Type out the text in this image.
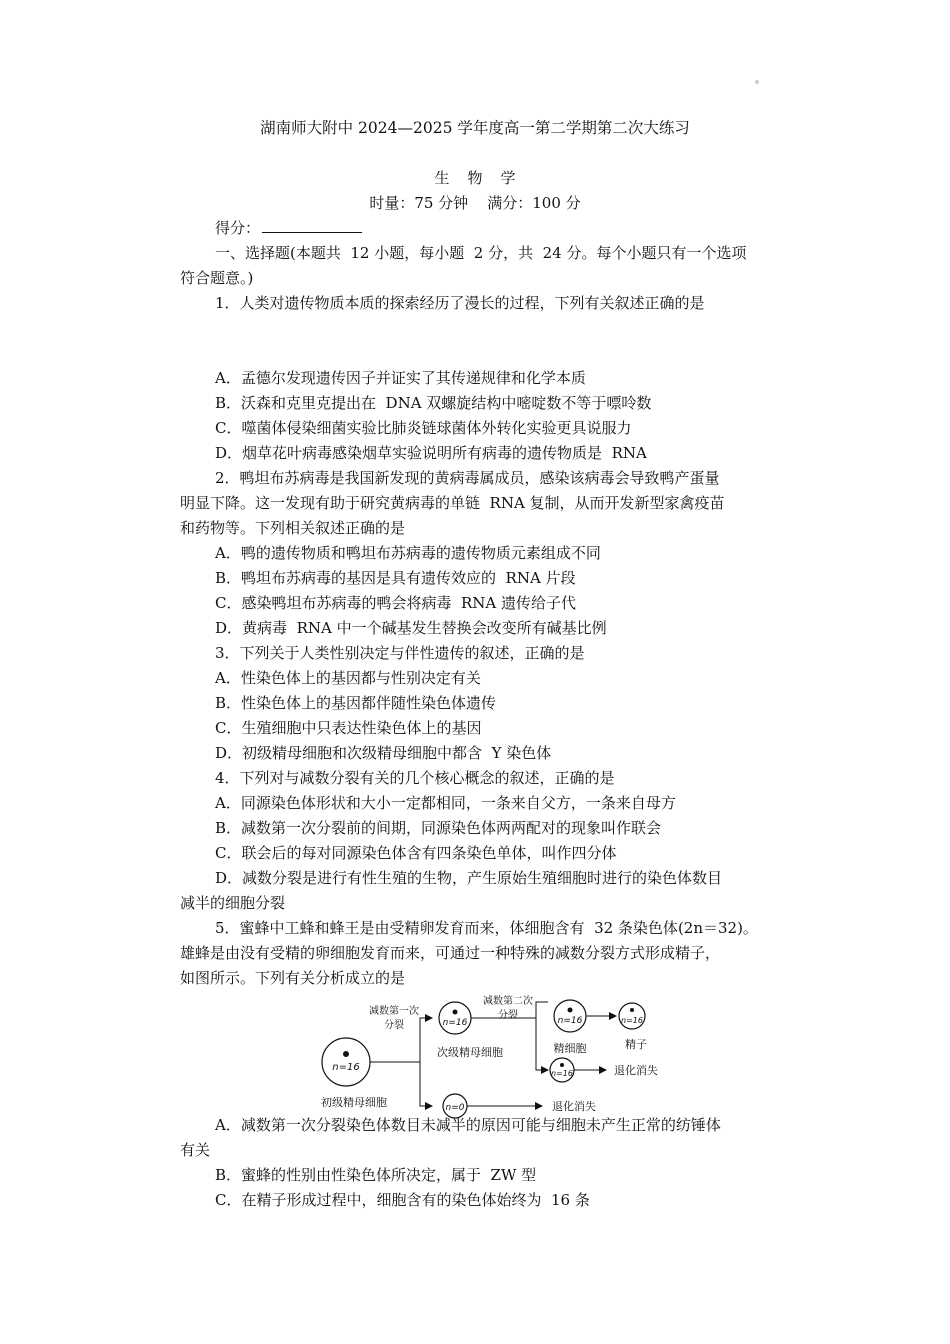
湖南师大附中 2024—2025 学年度高一第二学期第二次大练习
生物学
时量：75 分钟    满分：100 分
得分：
一、选择题(本题共  12 小题，每小题  2 分，共  24 分。每个小题只有一个选项
符合题意。)
1．人类对遗传物质本质的探索经历了漫长的过程，下列有关叙述正确的是
A．孟德尔发现遗传因子并证实了其传递规律和化学本质
B．沃森和克里克提出在  DNA 双螺旋结构中嘧啶数不等于嘌呤数
C．噬菌体侵染细菌实验比肺炎链球菌体外转化实验更具说服力
D．烟草花叶病毒感染烟草实验说明所有病毒的遗传物质是  RNA
2．鸭坦布苏病毒是我国新发现的黄病毒属成员，感染该病毒会导致鸭产蛋量
明显下降。这一发现有助于研究黄病毒的单链  RNA 复制，从而开发新型家禽疫苗
和药物等。下列相关叙述正确的是
A．鸭的遗传物质和鸭坦布苏病毒的遗传物质元素组成不同
B．鸭坦布苏病毒的基因是具有遗传效应的  RNA 片段
C．感染鸭坦布苏病毒的鸭会将病毒  RNA 遗传给子代
D．黄病毒  RNA 中一个碱基发生替换会改变所有碱基比例
3．下列关于人类性别决定与伴性遗传的叙述，正确的是
A．性染色体上的基因都与性别决定有关
B．性染色体上的基因都伴随性染色体遗传
C．生殖细胞中只表达性染色体上的基因
D．初级精母细胞和次级精母细胞中都含  Y 染色体
4．下列对与减数分裂有关的几个核心概念的叙述，正确的是
A．同源染色体形状和大小一定都相同，一条来自父方，一条来自母方
B．减数第一次分裂前的间期，同源染色体两两配对的现象叫作联会
C．联会后的每对同源染色体含有四条染色单体，叫作四分体
D．减数分裂是进行有性生殖的生物，产生原始生殖细胞时进行的染色体数目
减半的细胞分裂
5．蜜蜂中工蜂和蜂王是由受精卵发育而来，体细胞含有  32 条染色体(2n＝32)。
雄蜂是由没有受精的卵细胞发育而来，可通过一种特殊的减数分裂方式形成精子，
如图所示。下列有关分析成立的是
n=16
初级精母细胞
减数第一次
分裂	n=16
次级精母细胞
n=0	退化消失
减数第二次
分裂	n=16
精细胞
n=16
精子
n=16	退化消失
A．减数第一次分裂染色体数目未减半的原因可能与细胞未产生正常的纺锤体
有关
B．蜜蜂的性别由性染色体所决定，属于  ZW 型
C．在精子形成过程中，细胞含有的染色体始终为  16 条
